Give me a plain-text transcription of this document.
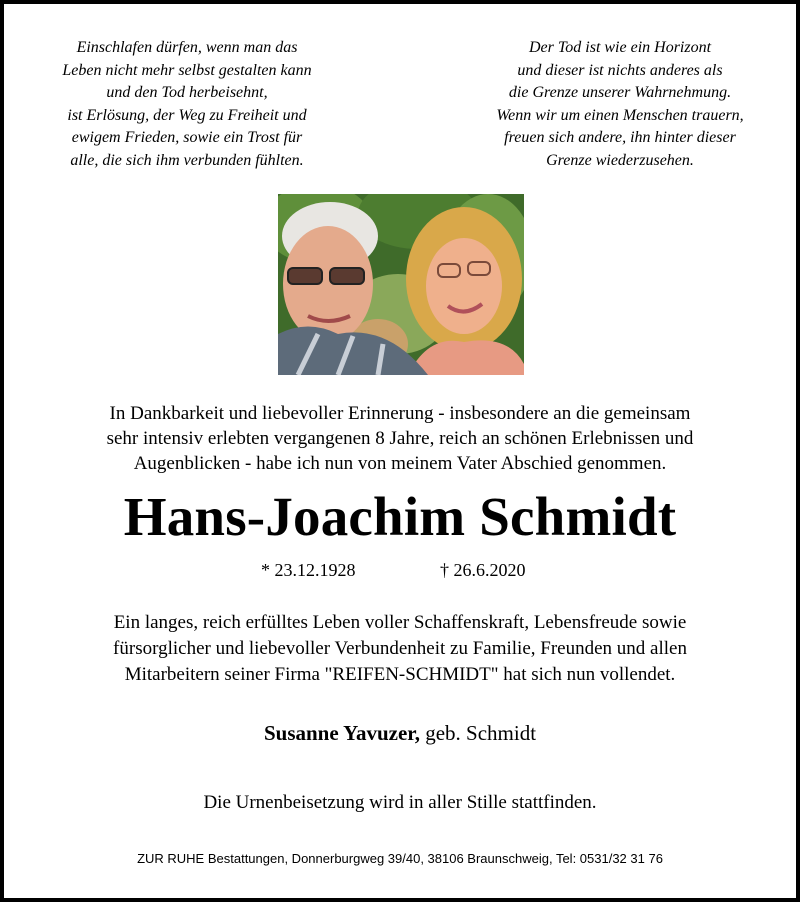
Einschlafen dürfen, wenn man das
Leben nicht mehr selbst gestalten kann
und den Tod herbeisehnt,
ist Erlösung, der Weg zu Freiheit und
ewigem Frieden, sowie ein Trost für
alle, die sich ihm verbunden fühlten.
Der Tod ist wie ein Horizont
und dieser ist nichts anderes als
die Grenze unserer Wahrnehmung.
Wenn wir um einen Menschen trauern,
freuen sich andere, ihn hinter dieser
Grenze wiederzusehen.
In Dankbarkeit und liebevoller Erinnerung - insbesondere an die gemeinsam
sehr intensiv erlebten vergangenen 8 Jahre, reich an schönen Erlebnissen und
Augenblicken - habe ich nun von meinem Vater Abschied genommen.
Hans-Joachim Schmidt
* 23.12.1928	† 26.6.2020
Ein langes, reich erfülltes Leben voller Schaffenskraft, Lebensfreude sowie
fürsorglicher und liebevoller Verbundenheit zu Familie, Freunden und allen
Mitarbeitern seiner Firma "REIFEN-SCHMIDT" hat sich nun vollendet.
Susanne Yavuzer, geb. Schmidt
Die Urnenbeisetzung wird in aller Stille stattfinden.
ZUR RUHE Bestattungen, Donnerburgweg 39/40, 38106 Braunschweig, Tel: 0531/32 31 76
